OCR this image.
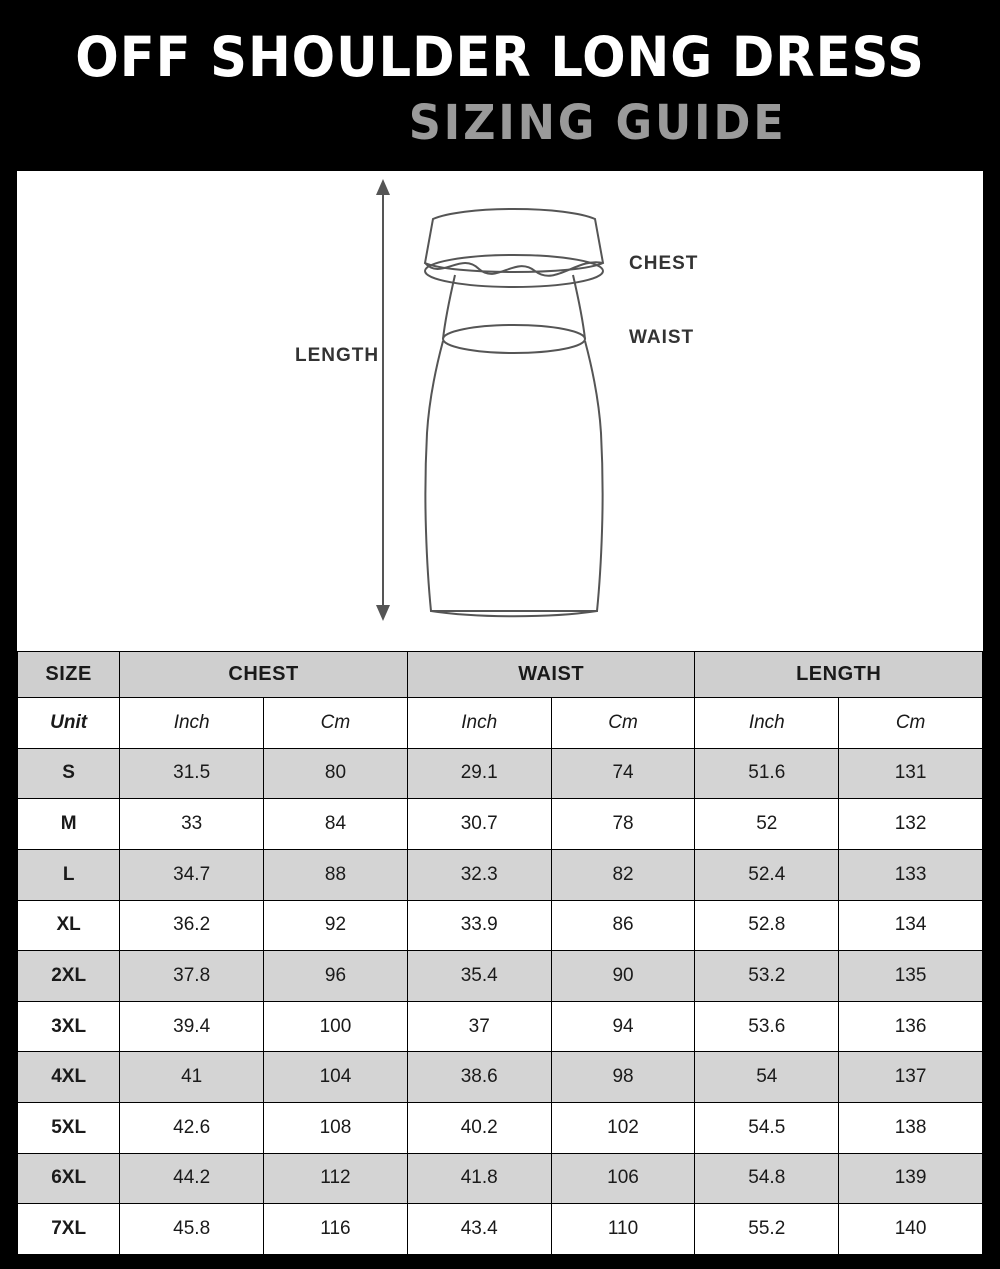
OFF SHOULDER LONG DRESS
SIZING GUIDE
LENGTH
CHEST
WAIST
SIZE	CHEST		WAIST		LENGTH	
Unit	Inch	Cm	Inch	Cm	Inch	Cm
S	31.5	80	29.1	74	51.6	131
M	33	84	30.7	78	52	132
L	34.7	88	32.3	82	52.4	133
XL	36.2	92	33.9	86	52.8	134
2XL	37.8	96	35.4	90	53.2	135
3XL	39.4	100	37	94	53.6	136
4XL	41	104	38.6	98	54	137
5XL	42.6	108	40.2	102	54.5	138
6XL	44.2	112	41.8	106	54.8	139
7XL	45.8	116	43.4	110	55.2	140
